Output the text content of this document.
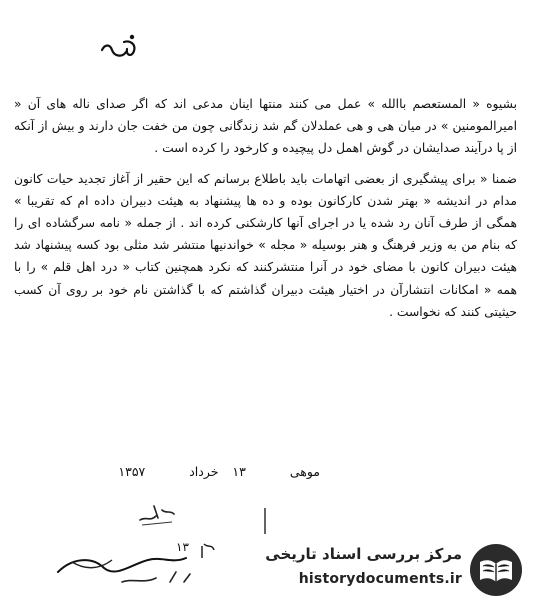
بشیوه « المستعصم باالله » عمل می کنند منتها اینان مدعی اند که اگر صدای ناله های آن « امیرالمومنین » در میان هی و هی عملدلان گم شد زندگانی چون من خفت جان دارند و بیش از آنکه از پا درآیند صدایشان در گوش اهمل دل پیچیده و کارخود را کرده است .

ضمنا « برای پیشگیری از بعضی اتهامات باید باطلاع برسانم که این حقیر از آغاز تجدید حیات کانون مدام در اندیشه « بهتر شدن کارکانون بوده و ده ها پیشنهاد به هیئت دبیران داده ام که تقریبا » همگی از طرف آنان رد شده یا در اجرای آنها کارشکنی کرده اند . از جمله « نامه سرگشاده ای را که بنام من به وزیر فرهنگ و هنر بوسیله « مجله » خواندنیها منتشر شد مثلی بود کسه پیشنهاد شد هیئت دبیران کانون با مضای خود در آنرا منتشرکنند که نکرد همچنین کتاب « درد اهل قلم » را با همه « امکانات انتشارآن در اختیار هیئت دبیران گذاشتم که با گذاشتن نام خود بر روی آن کسب حیثیتی کنند که نخواست .

موهی  ۱۳  خرداد  ۱۳۵۷
۱۳	مرکز بررسی اسناد تاریخی
historydocuments.ir
